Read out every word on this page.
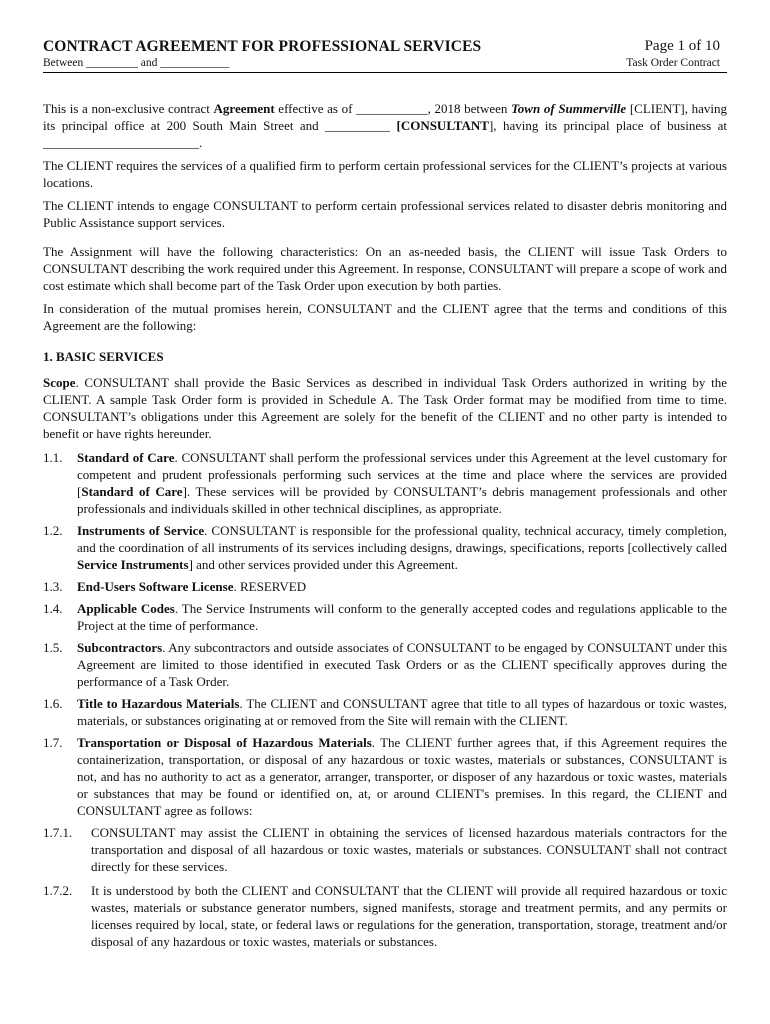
CONTRACT AGREEMENT FOR PROFESSIONAL SERVICES	Page 1 of 10
Between _________ and ____________	Task Order Contract

This is a non-exclusive contract Agreement effective as of ___________, 2018 between Town of Summerville [CLIENT], having its principal office at 200 South Main Street and __________ [CONSULTANT], having its principal place of business at ________________________.

The CLIENT requires the services of a qualified firm to perform certain professional services for the CLIENT’s projects at various locations.

The CLIENT intends to engage CONSULTANT to perform certain professional services related to disaster debris monitoring and Public Assistance support services.

The Assignment will have the following characteristics: On an as-needed basis, the CLIENT will issue Task Orders to CONSULTANT describing the work required under this Agreement. In response, CONSULTANT will prepare a scope of work and cost estimate which shall become part of the Task Order upon execution by both parties.

In consideration of the mutual promises herein, CONSULTANT and the CLIENT agree that the terms and conditions of this Agreement are the following:

1. BASIC SERVICES

Scope. CONSULTANT shall provide the Basic Services as described in individual Task Orders authorized in writing by the CLIENT. A sample Task Order form is provided in Schedule A. The Task Order format may be modified from time to time. CONSULTANT’s obligations under this Agreement are solely for the benefit of the CLIENT and no other party is intended to benefit or have rights hereunder.

1.1.	Standard of Care. CONSULTANT shall perform the professional services under this Agreement at the level customary for competent and prudent professionals performing such services at the time and place where the services are provided [Standard of Care]. These services will be provided by CONSULTANT’s debris management professionals and other professionals and individuals skilled in other technical disciplines, as appropriate.
1.2.	Instruments of Service. CONSULTANT is responsible for the professional quality, technical accuracy, timely completion, and the coordination of all instruments of its services including designs, drawings, specifications, reports [collectively called Service Instruments] and other services provided under this Agreement.
1.3.	End-Users Software License. RESERVED
1.4.	Applicable Codes. The Service Instruments will conform to the generally accepted codes and regulations applicable to the Project at the time of performance.
1.5.	Subcontractors. Any subcontractors and outside associates of CONSULTANT to be engaged by CONSULTANT under this Agreement are limited to those identified in executed Task Orders or as the CLIENT specifically approves during the performance of a Task Order.
1.6.	Title to Hazardous Materials. The CLIENT and CONSULTANT agree that title to all types of hazardous or toxic wastes, materials, or substances originating at or removed from the Site will remain with the CLIENT.
1.7.	Transportation or Disposal of Hazardous Materials. The CLIENT further agrees that, if this Agreement requires the containerization, transportation, or disposal of any hazardous or toxic wastes, materials or substances, CONSULTANT is not, and has no authority to act as a generator, arranger, transporter, or disposer of any hazardous or toxic wastes, materials or substances that may be found or identified on, at, or around CLIENT's premises. In this regard, the CLIENT and CONSULTANT agree as follows:
1.7.1.	CONSULTANT may assist the CLIENT in obtaining the services of licensed hazardous materials contractors for the transportation and disposal of all hazardous or toxic wastes, materials or substances. CONSULTANT shall not contract directly for these services.
1.7.2.	It is understood by both the CLIENT and CONSULTANT that the CLIENT will provide all required hazardous or toxic wastes, materials or substance generator numbers, signed manifests, storage and treatment permits, and any permits or licenses required by local, state, or federal laws or regulations for the generation, transportation, storage, treatment and/or disposal of any hazardous or toxic wastes, materials or substances.
